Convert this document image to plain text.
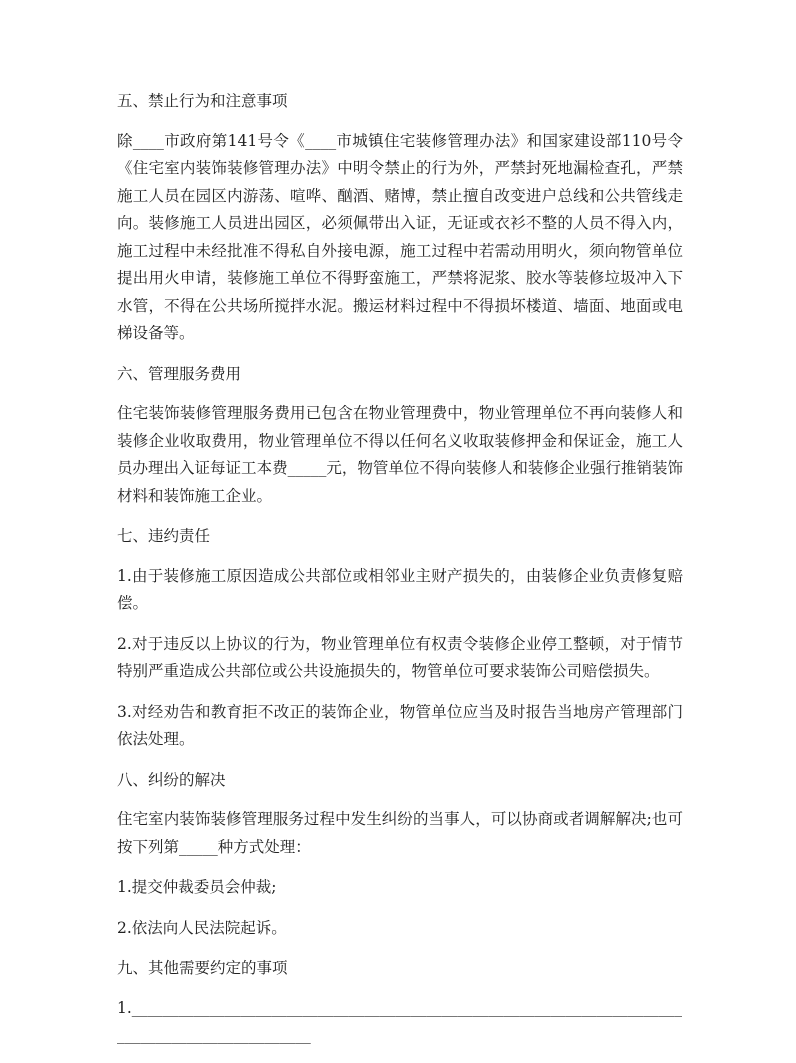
五、禁止行为和注意事项

除____市政府第141号令《____市城镇住宅装修管理办法》和国家建设部110号令《住宅室内装饰装修管理办法》中明令禁止的行为外，严禁封死地漏检查孔，严禁施工人员在园区内游荡、喧哗、酗酒、赌博，禁止擅自改变进户总线和公共管线走向。装修施工人员进出园区，必须佩带出入证，无证或衣衫不整的人员不得入内，施工过程中未经批准不得私自外接电源，施工过程中若需动用明火，须向物管单位提出用火申请，装修施工单位不得野蛮施工，严禁将泥浆、胶水等装修垃圾冲入下水管，不得在公共场所搅拌水泥。搬运材料过程中不得损坏楼道、墙面、地面或电梯设备等。

六、管理服务费用

住宅装饰装修管理服务费用已包含在物业管理费中，物业管理单位不再向装修人和装修企业收取费用，物业管理单位不得以任何名义收取装修押金和保证金，施工人员办理出入证每证工本费_____元，物管单位不得向装修人和装修企业强行推销装饰材料和装饰施工企业。

七、违约责任

1.由于装修施工原因造成公共部位或相邻业主财产损失的，由装修企业负责修复赔偿。

2.对于违反以上协议的行为，物业管理单位有权责令装修企业停工整顿，对于情节特别严重造成公共部位或公共设施损失的，物管单位可要求装饰公司赔偿损失。

3.对经劝告和教育拒不改正的装饰企业，物管单位应当及时报告当地房产管理部门依法处理。

八、纠纷的解决

住宅室内装饰装修管理服务过程中发生纠纷的当事人，可以协商或者调解解决;也可按下列第_____种方式处理：

1.提交仲裁委员会仲裁;

2.依法向人民法院起诉。

九、其他需要约定的事项

1.________________________________________________________________________________________________
